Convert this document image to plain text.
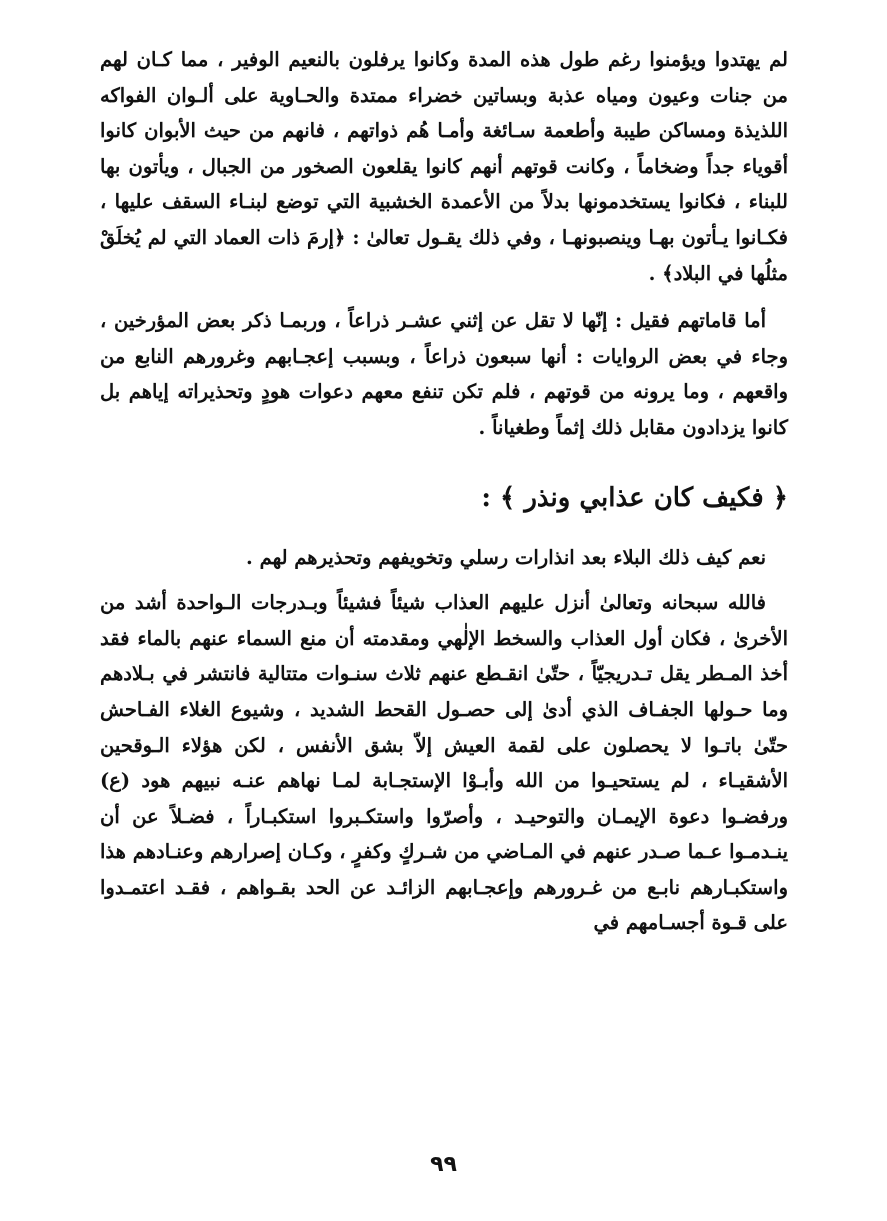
لم يهتدوا ويؤمنوا رغم طول هذه المدة وكانوا يرفلون بالنعيم الوفير ، مما كـان لهم من جنات وعيون ومياه عذبة وبساتين خضراء ممتدة والحـاوية على ألـوان الفواكه اللذيذة ومساكن طيبة وأطعمة سـائغة وأمـا هُم ذواتهم ، فانهم من حيث الأبوان كانوا أقوياء جداً وضخاماً ، وكانت قوتهم أنهم كانوا يقلعون الصخور من الجبال ، ويأتون بها للبناء ، فكانوا يستخدمونها بدلاً من الأعمدة الخشبية التي توضع لبنـاء السقف عليها ، فكـانوا يـأتون بهـا وينصبونهـا ، وفي ذلك يقـول تعالىٰ : ﴿إرمَ ذات العماد التي لم يُخلَقْ مثلُها في البلاد﴾ .

أما قاماتهم فقيل : إنّها لا تقل عن إثني عشـر ذراعاً ، وربمـا ذكر بعض المؤرخين ، وجاء في بعض الروايات : أنها سبعون ذراعاً ، وبسبب إعجـابهم وغرورهم النابع من واقعهم ، وما يرونه من قوتهم ، فلم تكن تنفع معهم دعوات هودٍ وتحذيراته إياهم بل كانوا يزدادون مقابل ذلك إثماً وطغياناً .

﴿ فكيف كان عذابي ونذر ﴾ :

نعم كيف ذلك البلاء بعد انذارات رسلي وتخويفهم وتحذيرهم لهم .

فالله سبحانه وتعالىٰ أنزل عليهم العذاب شيئاً فشيئاً وبـدرجات الـواحدة أشد من الأخرىٰ ، فكان أول العذاب والسخط الإلٰهي ومقدمته أن منع السماء عنهم بالماء فقد أخذ المـطر يقل تـدريجيّاً ، حتّىٰ انقـطع عنهم ثلاث سنـوات متتالية فانتشر في بـلادهم وما حـولها الجفـاف الذي أدىٰ إلى حصـول القحط الشديد ، وشيوع الغلاء الفـاحش حتّىٰ باتـوا لا يحصلون على لقمة العيش إلاّ بشق الأنفس ، لكن هؤلاء الـوقحين الأشقيـاء ، لم يستحيـوا من الله وأبـوْا الإستجـابة لمـا نهاهم عنـه نبيهم هود (ع) ورفضـوا دعوة الإيمـان والتوحيـد ، وأصرّوا واستكـبروا استكبـاراً ، فضـلاً عن أن ينـدمـوا عـما صـدر عنهم في المـاضي من شـركٍ وكفرٍ ، وكـان إصرارهم وعنـادهم هذا واستكبـارهم نابـع من غـرورهم وإعجـابهم الزائـد عن الحد بقـواهم ، فقـد اعتمـدوا على قـوة أجسـامهم في

٩٩
